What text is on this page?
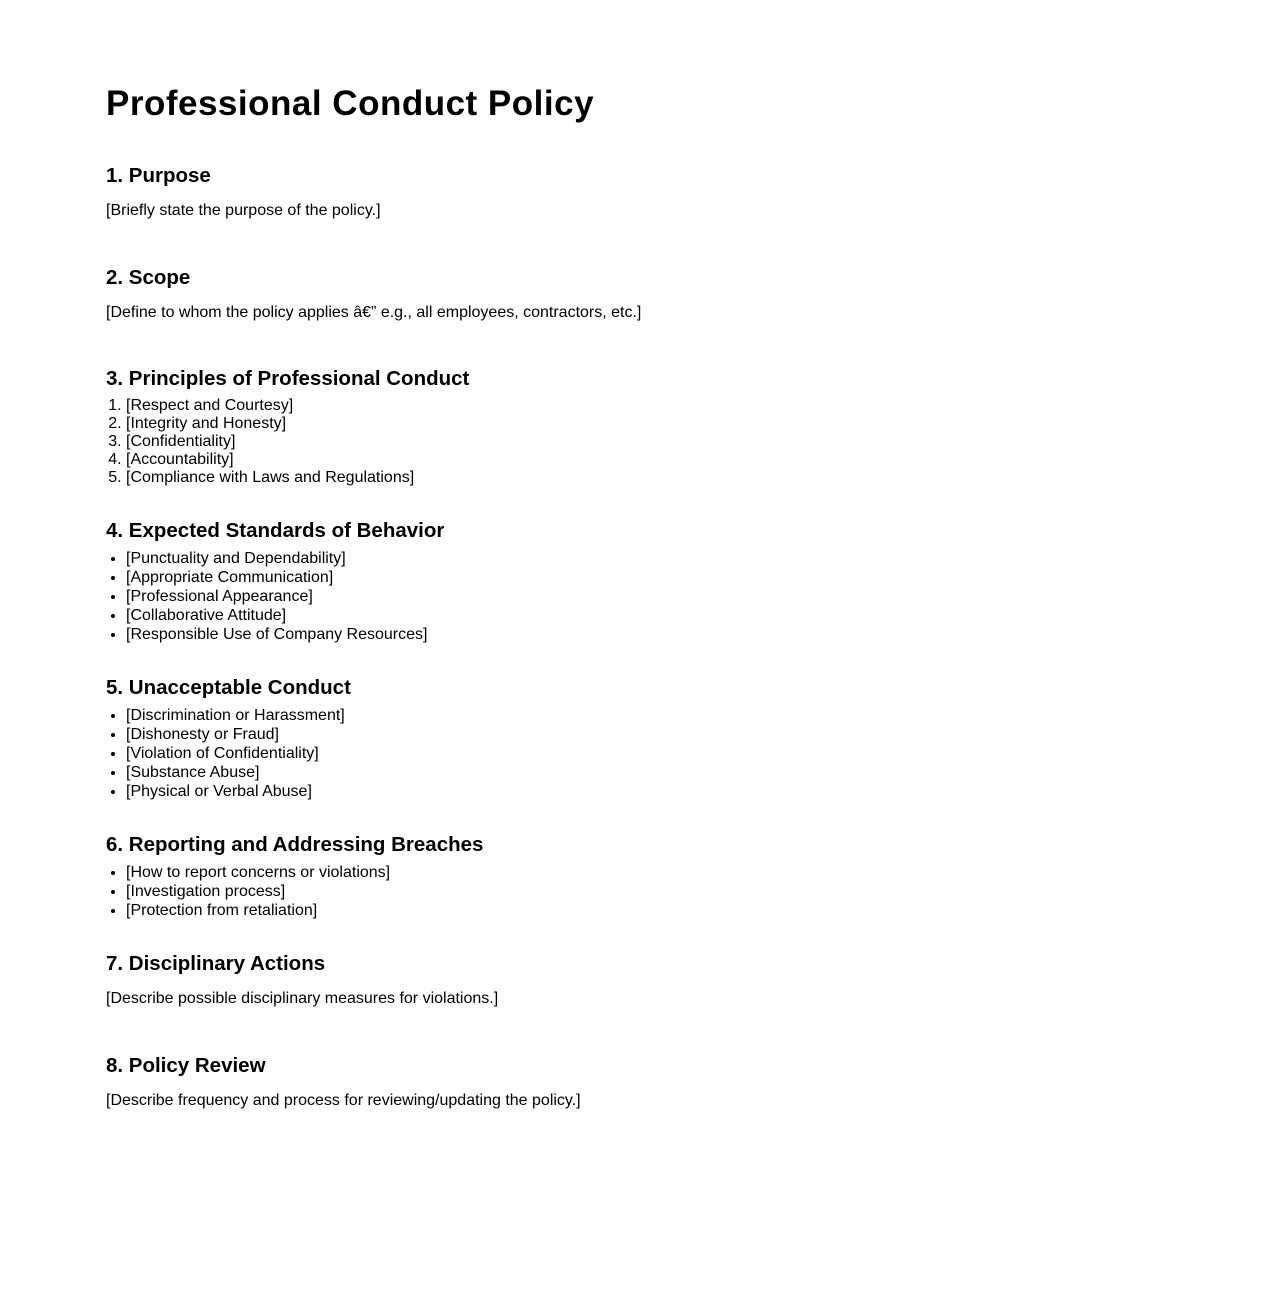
Professional Conduct Policy
1. Purpose

[Briefly state the purpose of the policy.]

2. Scope

[Define to whom the policy applies â€” e.g., all employees, contractors, etc.]

3. Principles of Professional Conduct
1. [Respect and Courtesy]
2. [Integrity and Honesty]
3. [Confidentiality]
4. [Accountability]
5. [Compliance with Laws and Regulations]
4. Expected Standards of Behavior
• [Punctuality and Dependability]
• [Appropriate Communication]
• [Professional Appearance]
• [Collaborative Attitude]
• [Responsible Use of Company Resources]
5. Unacceptable Conduct
• [Discrimination or Harassment]
• [Dishonesty or Fraud]
• [Violation of Confidentiality]
• [Substance Abuse]
• [Physical or Verbal Abuse]
6. Reporting and Addressing Breaches
• [How to report concerns or violations]
• [Investigation process]
• [Protection from retaliation]
7. Disciplinary Actions

[Describe possible disciplinary measures for violations.]

8. Policy Review

[Describe frequency and process for reviewing/updating the policy.]
